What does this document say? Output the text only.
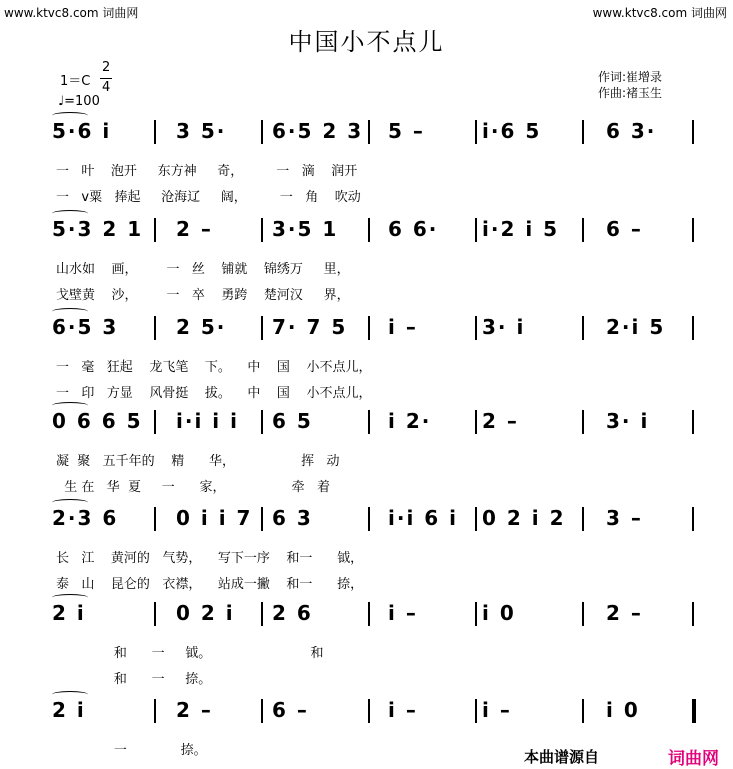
www.ktvc8.com 词曲网	www.ktvc8.com 词曲网
中国小不点儿
1＝C
2
4
♩=100
作词:崔增录
作曲:褚玉生
5·6 i	3 5· 6·5 2 3 5 –	i·6 5	6 3·
一   叶    泡开     东方神     奇，        一   滴    润开
一   v粟   捧起     沧海辽     阔，        一   角    吹动
5·3 2 1 2 –	3·5 1 6 6· i·2 i 5 6 –
山水如    画，       一   丝    铺就    锦绣万     里，
戈壁黄    沙，       一   卒    勇跨    楚河汉     界，
6·5 3	2 5· 7· 7 5 i –	3· i	2·i 5
一   毫   狂起    龙飞笔    下。    中    国    小不点儿，
一   印   方显    风骨挺    拔。    中    国    小不点儿，
0 6 6 5 i·i i i 6 5	i 2·	2 –	3· i
凝  聚   五千年的    精      华，                挥   动
生 在   华  夏     一      家，                牵   着
2·3 6	0 i i 7 6 3	i·i 6 i 0 2 i 2 3 –
长   江    黄河的   气势，    写下一序    和一      钺，
泰   山    昆仑的   衣襟，    站成一撇    和一      捺，
2 i	0 2 i 2 6	i –	i 0	2 –
和      一     钺。                        和
和      一     捺。
2 i	2 –	6 –	i –	i –	i 0
一             捺。	本曲谱源自	词曲网
